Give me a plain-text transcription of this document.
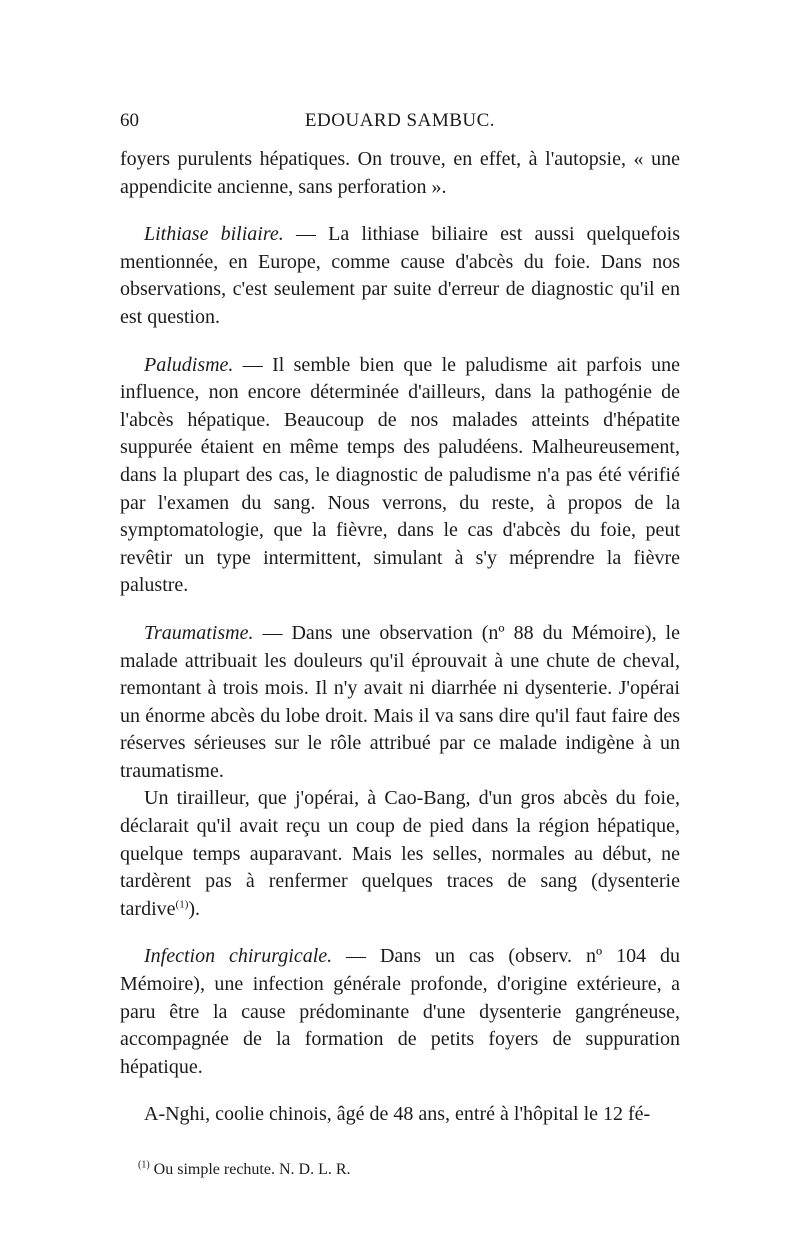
60	EDOUARD SAMBUC.

foyers purulents hépatiques. On trouve, en effet, à l'autopsie, « une appendicite ancienne, sans perforation ».

Lithiase biliaire. — La lithiase biliaire est aussi quelquefois mentionnée, en Europe, comme cause d'abcès du foie. Dans nos observations, c'est seulement par suite d'erreur de diagnostic qu'il en est question.

Paludisme. — Il semble bien que le paludisme ait parfois une influence, non encore déterminée d'ailleurs, dans la pathogénie de l'abcès hépatique. Beaucoup de nos malades atteints d'hépatite suppurée étaient en même temps des paludéens. Malheureusement, dans la plupart des cas, le diagnostic de paludisme n'a pas été vérifié par l'examen du sang. Nous verrons, du reste, à propos de la symptomatologie, que la fièvre, dans le cas d'abcès du foie, peut revêtir un type intermittent, simulant à s'y méprendre la fièvre palustre.

Traumatisme. — Dans une observation (nº 88 du Mémoire), le malade attribuait les douleurs qu'il éprouvait à une chute de cheval, remontant à trois mois. Il n'y avait ni diarrhée ni dysenterie. J'opérai un énorme abcès du lobe droit. Mais il va sans dire qu'il faut faire des réserves sérieuses sur le rôle attribué par ce malade indigène à un traumatisme.

Un tirailleur, que j'opérai, à Cao-Bang, d'un gros abcès du foie, déclarait qu'il avait reçu un coup de pied dans la région hépatique, quelque temps auparavant. Mais les selles, normales au début, ne tardèrent pas à renfermer quelques traces de sang (dysenterie tardive$^{(1)}$).

Infection chirurgicale. — Dans un cas (observ. nº 104 du Mémoire), une infection générale profonde, d'origine extérieure, a paru être la cause prédominante d'une dysenterie gangréneuse, accompagnée de la formation de petits foyers de suppuration hépatique.

A-Nghi, coolie chinois, âgé de 48 ans, entré à l'hôpital le 12 fé-

$^{(1)}$ Ou simple rechute. N. D. L. R.
